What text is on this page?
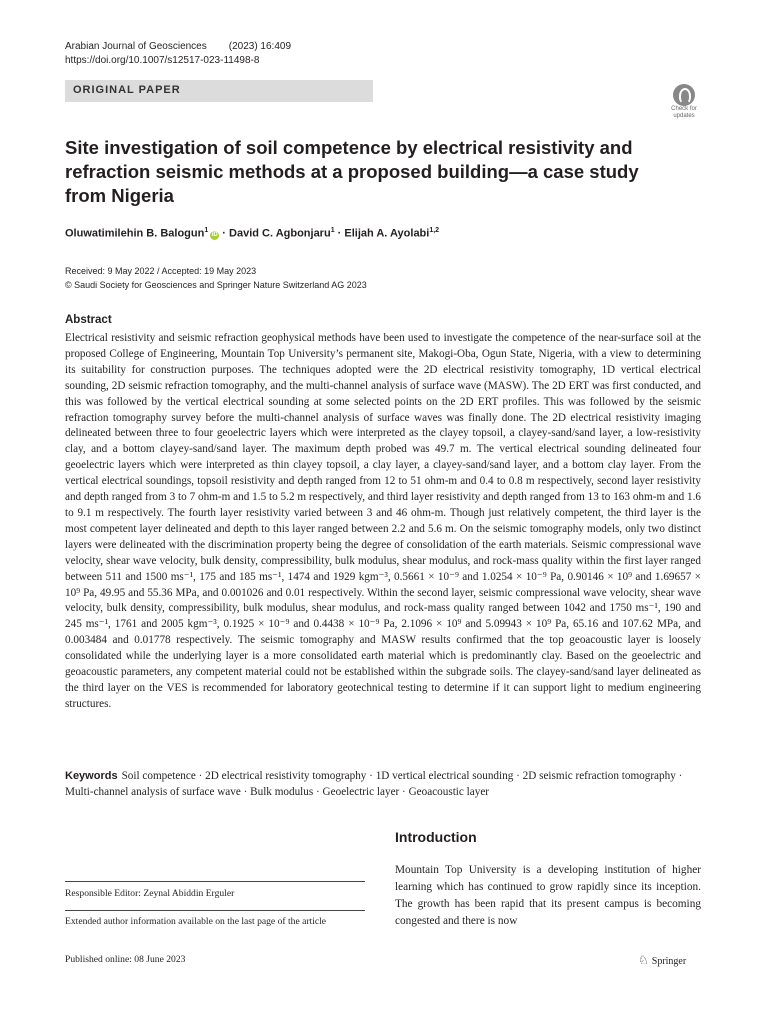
Arabian Journal of Geosciences (2023) 16:409
https://doi.org/10.1007/s12517-023-11498-8
ORIGINAL PAPER
Check for
updates
Site investigation of soil competence by electrical resistivity and refraction seismic methods at a proposed building—a case study from Nigeria
Oluwatimilehin B. Balogun$^1$iD · David C. Agbonjaru$^1$ · Elijah A. Ayolabi$^{1,2}$
Received: 9 May 2022 / Accepted: 19 May 2023
© Saudi Society for Geosciences and Springer Nature Switzerland AG 2023
Abstract

Electrical resistivity and seismic refraction geophysical methods have been used to investigate the competence of the near-surface soil at the proposed College of Engineering, Mountain Top University’s permanent site, Makogi-Oba, Ogun State, Nigeria, with a view to determining its suitability for construction purposes. The techniques adopted were the 2D electrical resistivity tomography, 1D vertical electrical sounding, 2D seismic refraction tomography, and the multi-channel analysis of surface wave (MASW). The 2D ERT was first conducted, and this was followed by the vertical electrical sounding at some selected points on the 2D ERT profiles. This was followed by the seismic refraction tomography survey before the multi-channel analysis of surface waves was finally done. The 2D electrical resistivity imaging delineated between three to four geoelectric layers which were interpreted as the clayey topsoil, a clayey-sand/sand layer, a low-resistivity clay, and a bottom clayey-sand/sand layer. The maximum depth probed was 49.7 m. The vertical electrical sounding delineated four geoelectric layers which were interpreted as thin clayey topsoil, a clay layer, a clayey-sand/sand layer, and a bottom clay layer. From the vertical electrical soundings, topsoil resistivity and depth ranged from 12 to 51 ohm-m and 0.4 to 0.8 m respectively, second layer resistivity and depth ranged from 3 to 7 ohm-m and 1.5 to 5.2 m respectively, and third layer resistivity and depth ranged from 13 to 163 ohm-m and 1.6 to 9.1 m respectively. The fourth layer resistivity varied between 3 and 46 ohm-m. Though just relatively competent, the third layer is the most competent layer delineated and depth to this layer ranged between 2.2 and 5.6 m. On the seismic tomography models, only two distinct layers were delineated with the discrimination property being the degree of consolidation of the earth materials. Seismic compressional wave velocity, shear wave velocity, bulk density, compressibility, bulk modulus, shear modulus, and rock-mass quality within the first layer ranged between 511 and 1500 ms⁻¹, 175 and 185 ms⁻¹, 1474 and 1929 kgm⁻³, 0.5661 × 10⁻⁹ and 1.0254 × 10⁻⁹ Pa, 0.90146 × 10⁹ and 1.69657 × 10⁹ Pa, 49.95 and 55.36 MPa, and 0.001026 and 0.01 respectively. Within the second layer, seismic compressional wave velocity, shear wave velocity, bulk density, compressibility, bulk modulus, shear modulus, and rock-mass quality ranged between 1042 and 1750 ms⁻¹, 190 and 245 ms⁻¹, 1761 and 2005 kgm⁻³, 0.1925 × 10⁻⁹ and 0.4438 × 10⁻⁹ Pa, 2.1096 × 10⁹ and 5.09943 × 10⁹ Pa, 65.16 and 107.62 MPa, and 0.003484 and 0.01778 respectively. The seismic tomography and MASW results confirmed that the top geoacoustic layer is loosely consolidated while the underlying layer is a more consolidated earth material which is predominantly clay. Based on the geoelectric and geoacoustic parameters, any competent material could not be established within the subgrade soils. The clayey-sand/sand layer delineated as the third layer on the VES is recommended for laboratory geotechnical testing to determine if it can support light to medium engineering structures.

Keywords Soil competence · 2D electrical resistivity tomography · 1D vertical electrical sounding · 2D seismic refraction tomography · Multi-channel analysis of surface wave · Bulk modulus · Geoelectric layer · Geoacoustic layer

Introduction

Mountain Top University is a developing institution of higher learning which has continued to grow rapidly since its inception. The growth has been rapid that its present campus is becoming congested and there is now

Responsible Editor: Zeynal Abiddin Erguler
Extended author information available on the last page of the article
Published online: 08 June 2023	♘ Springer
